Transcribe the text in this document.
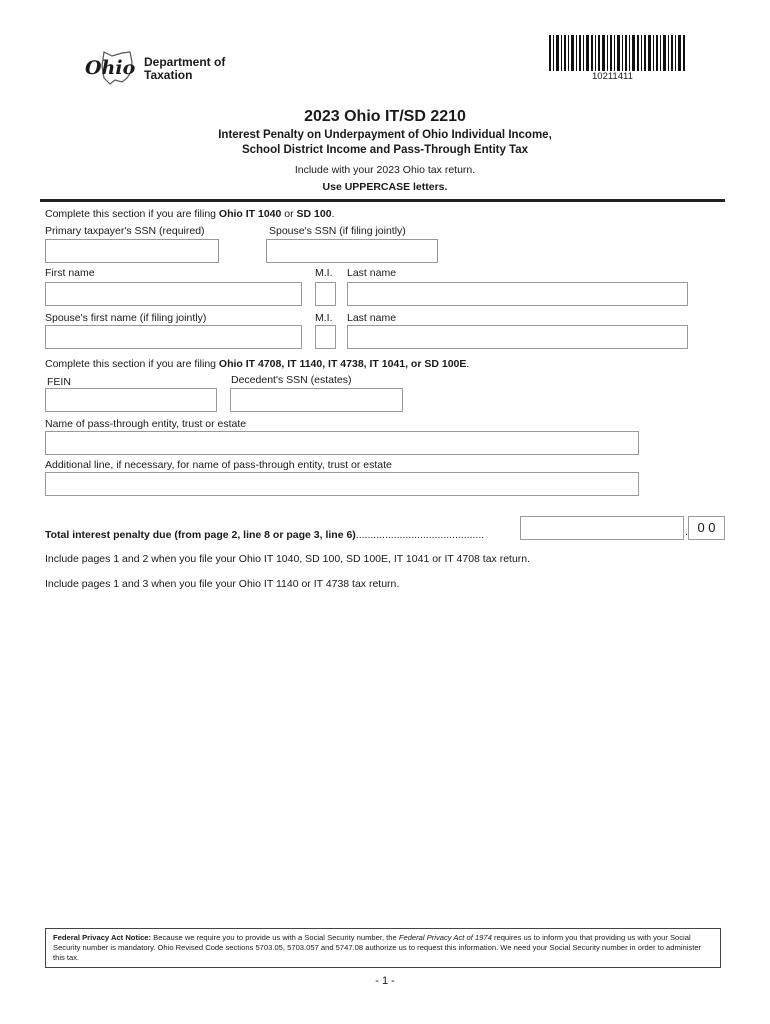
Ohio Department of
Taxation	10211411
2023 Ohio IT/SD 2210
Interest Penalty on Underpayment of Ohio Individual Income,
School District Income and Pass-Through Entity Tax
Include with your 2023 Ohio tax return.
Use UPPERCASE letters.
Complete this section if you are filing Ohio IT 1040 or SD 100.
Primary taxpayer's SSN (required)	Spouse's SSN (if filing jointly)
First name	M.I. Last name
Spouse's first name (if filing jointly)	M.I. Last name
Complete this section if you are filing Ohio IT 4708, IT 1140, IT 4738, IT 1041, or SD 100E.
FEIN	Decedent's SSN (estates)
Name of pass-through entity, trust or estate
Additional line, if necessary, for name of pass-through entity, trust or estate
Total interest penalty due (from page 2, line 8 or page 3, line 6)............................................	. 0 0
Include pages 1 and 2 when you file your Ohio IT 1040, SD 100, SD 100E, IT 1041 or IT 4708 tax return.
Include pages 1 and 3 when you file your Ohio IT 1140 or IT 4738 tax return.
Federal Privacy Act Notice: Because we require you to provide us with a Social Security number, the Federal Privacy Act of 1974 requires us to inform you that providing us with your Social Security number is mandatory. Ohio Revised Code sections 5703.05, 5703.057 and 5747.08 authorize us to request this information. We need your Social Security number in order to administer this tax.
- 1 -
